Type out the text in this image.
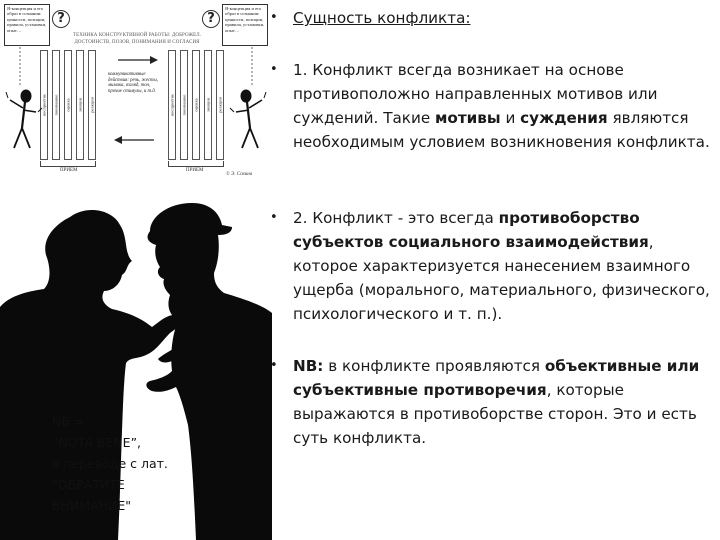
Я-концепция и его образ в сознании: ценности, позиции, правила, установки, опыт…
?
Я-концепция и его образ в сознании: ценности, позиции, правила, установки, опыт…
?
ТЕХНИКА КОНСТРУКТИВНОЙ РАБОТЫ: ДОБРОЖЕЛ.
ДОСТОИНСТВ, ПОЗОВ, ПОНИМАНИЯ И СОГЛАСИЯ
восприятие понимание оценка эмоции реакция	восприятие понимание оценка эмоции реакция
коммуникативные действия: речь, жесты, мимика, взгляд, тон, прочие стимулы, и т.д.
ПРИЁМ	ПРИЁМ
© Э. Сохина
NB =
“NOTA BENE”,
в переводе с лат.
"ОБРАТИТЕ
ВНИМАНИЕ"
• Сущность конфликта:
• 1. Конфликт всегда возникает на основе противоположно направленных мотивов или суждений. Такие мотивы и суждения являются необходимым условием возникновения конфликта.
• 2. Конфликт - это всегда противоборство субъектов социального взаимодействия, которое характеризуется нанесением взаимного ущерба (морального, материального, физического, психологического и т. п.).
• NB: в конфликте проявляются объективные или субъективные противоречия, которые выражаются в противоборстве сторон. Это и есть суть конфликта.
